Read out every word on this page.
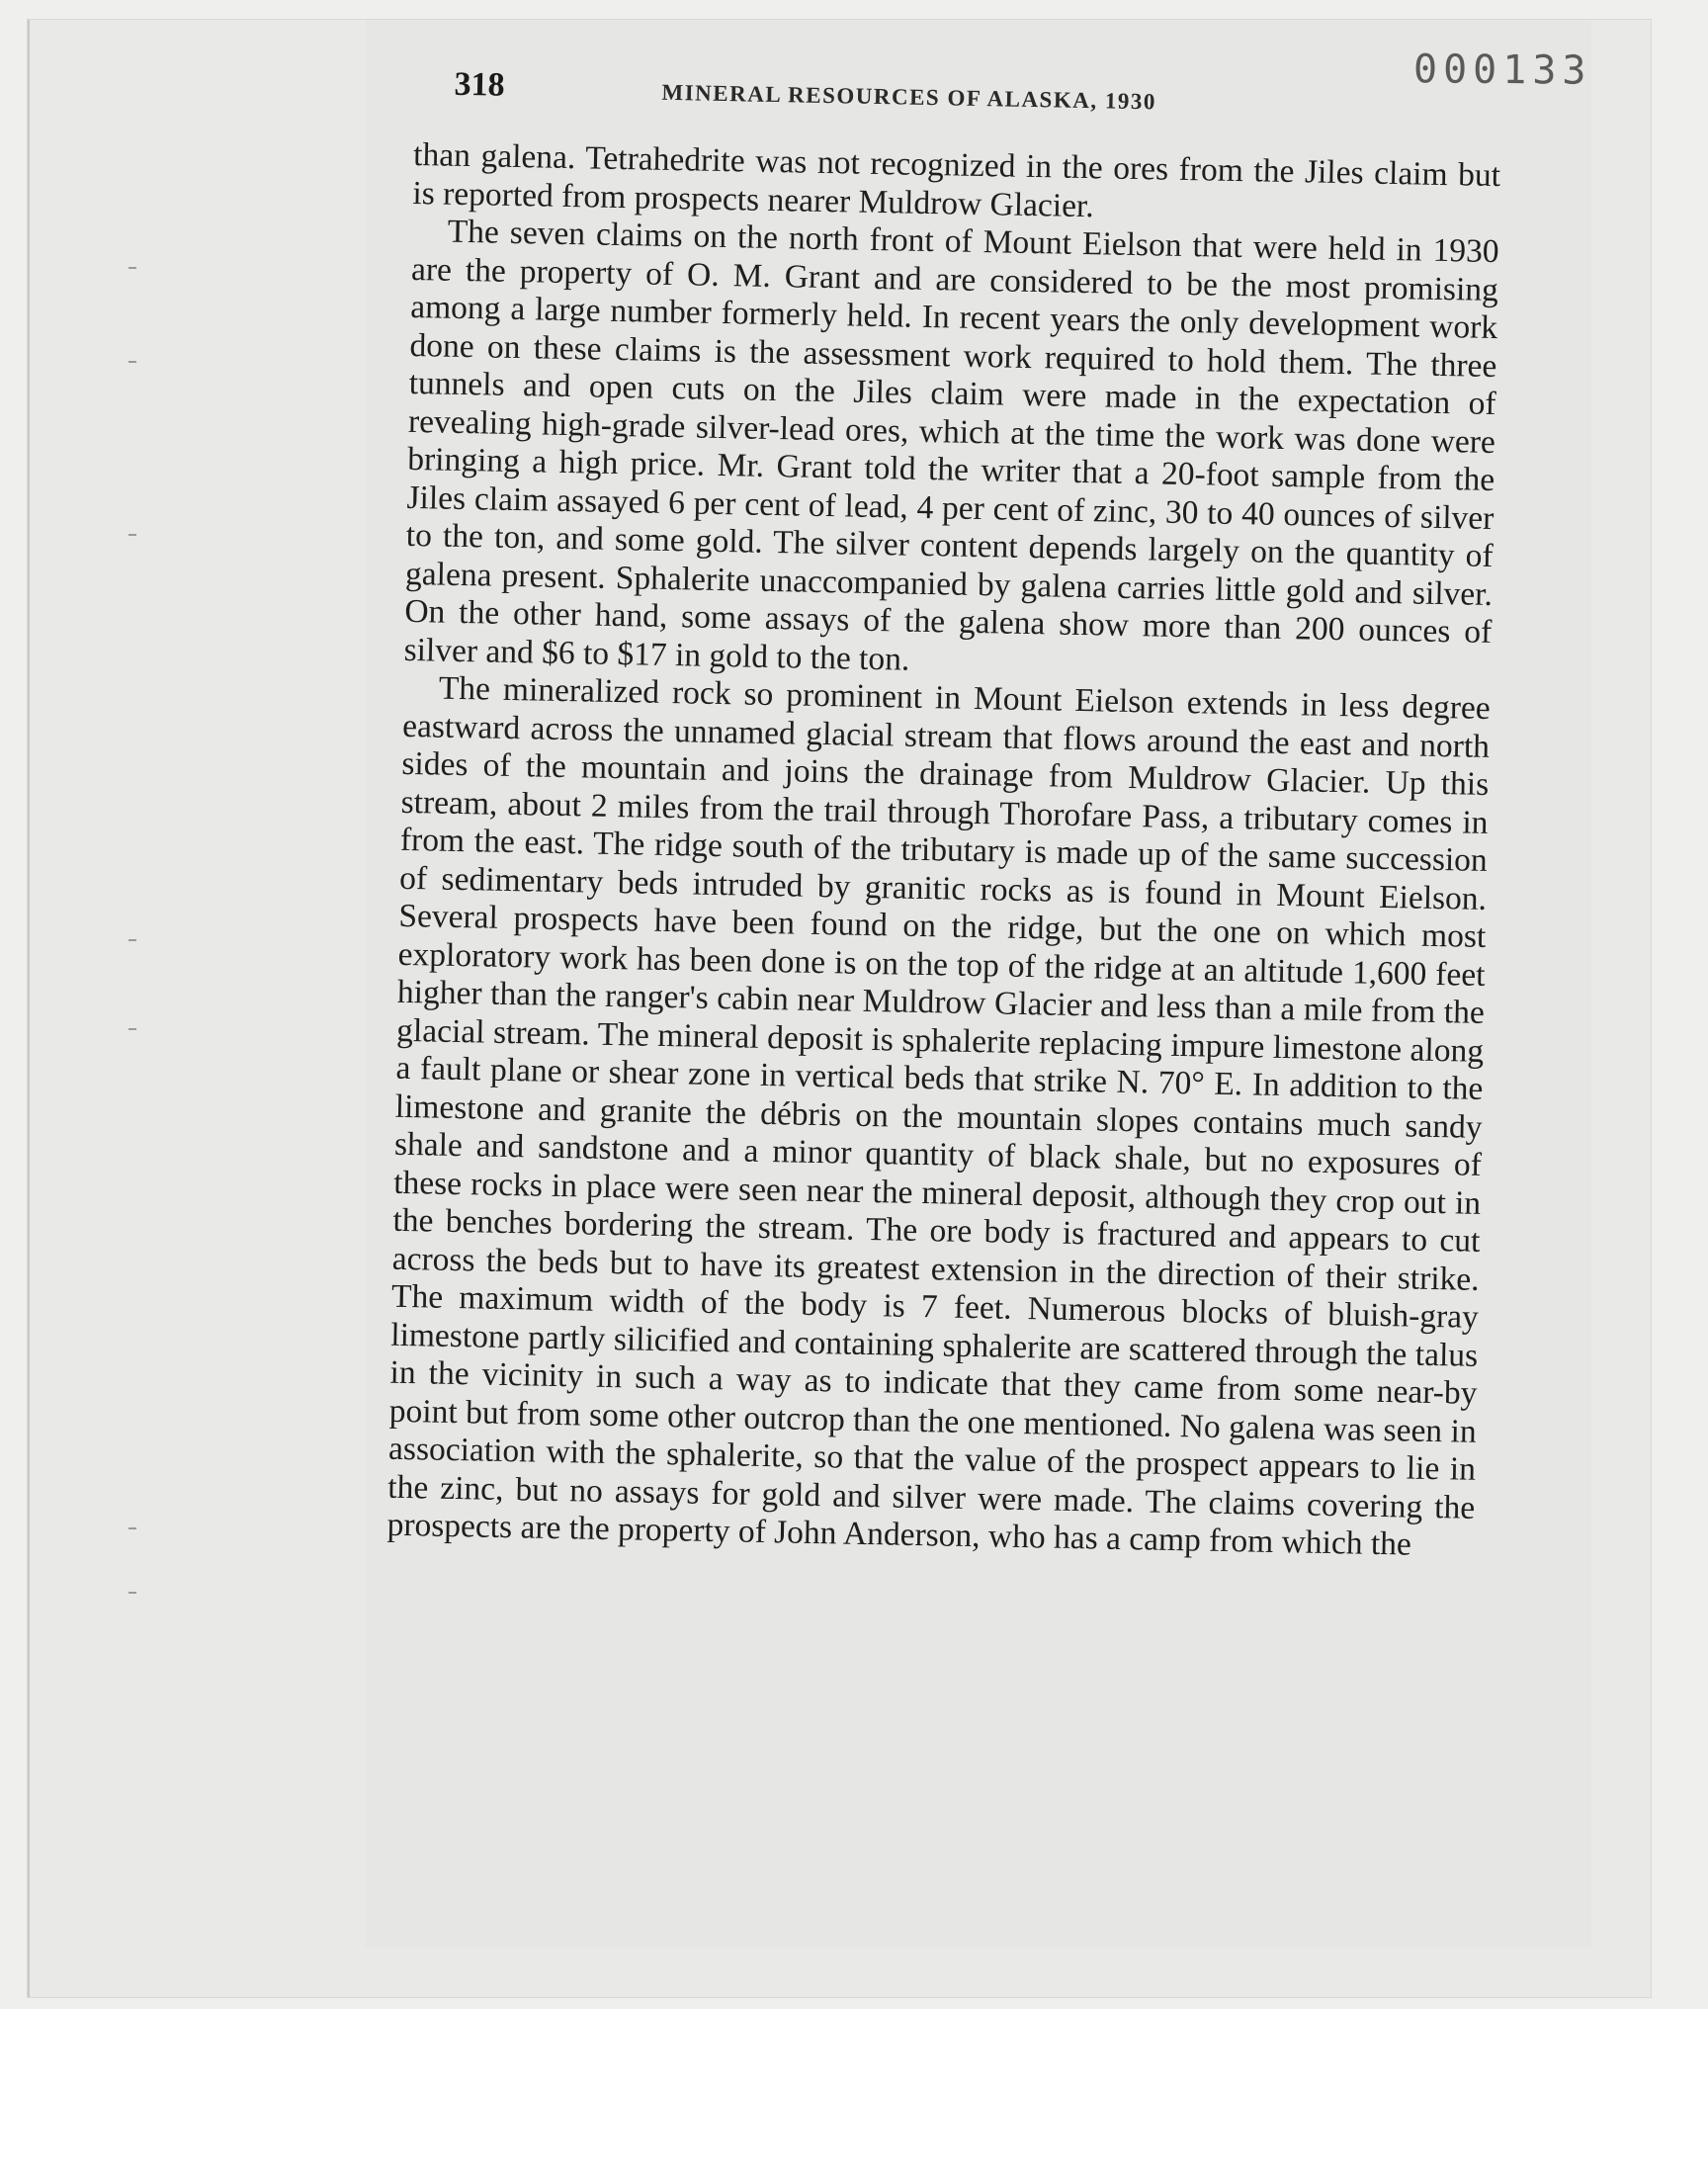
000133
318	MINERAL RESOURCES OF ALASKA, 1930

than galena. Tetrahedrite was not recognized in the ores from the Jiles claim but is reported from prospects nearer Muldrow Glacier.

The seven claims on the north front of Mount Eielson that were held in 1930 are the property of O. M. Grant and are considered to be the most promising among a large number formerly held. In recent years the only development work done on these claims is the assessment work required to hold them. The three tunnels and open cuts on the Jiles claim were made in the expectation of revealing high-grade silver-lead ores, which at the time the work was done were bringing a high price. Mr. Grant told the writer that a 20-foot sample from the Jiles claim assayed 6 per cent of lead, 4 per cent of zinc, 30 to 40 ounces of silver to the ton, and some gold. The silver content depends largely on the quantity of galena present. Sphalerite unaccompanied by galena carries little gold and silver. On the other hand, some assays of the galena show more than 200 ounces of silver and $6 to $17 in gold to the ton.

The mineralized rock so prominent in Mount Eielson extends in less degree eastward across the unnamed glacial stream that flows around the east and north sides of the mountain and joins the drainage from Muldrow Glacier. Up this stream, about 2 miles from the trail through Thorofare Pass, a tributary comes in from the east. The ridge south of the tributary is made up of the same succession of sedimentary beds intruded by granitic rocks as is found in Mount Eielson. Several prospects have been found on the ridge, but the one on which most exploratory work has been done is on the top of the ridge at an altitude 1,600 feet higher than the ranger's cabin near Muldrow Glacier and less than a mile from the glacial stream. The mineral deposit is sphalerite replacing impure limestone along a fault plane or shear zone in vertical beds that strike N. 70° E. In addition to the limestone and granite the débris on the mountain slopes contains much sandy shale and sandstone and a minor quantity of black shale, but no exposures of these rocks in place were seen near the mineral deposit, although they crop out in the benches bordering the stream. The ore body is fractured and appears to cut across the beds but to have its greatest extension in the direction of their strike. The maximum width of the body is 7 feet. Numerous blocks of bluish-gray limestone partly silicified and containing sphalerite are scattered through the talus in the vicinity in such a way as to indicate that they came from some near-by point but from some other outcrop than the one mentioned. No galena was seen in association with the sphalerite, so that the value of the prospect appears to lie in the zinc, but no assays for gold and silver were made. The claims covering the prospects are the property of John Anderson, who has a camp from which the
